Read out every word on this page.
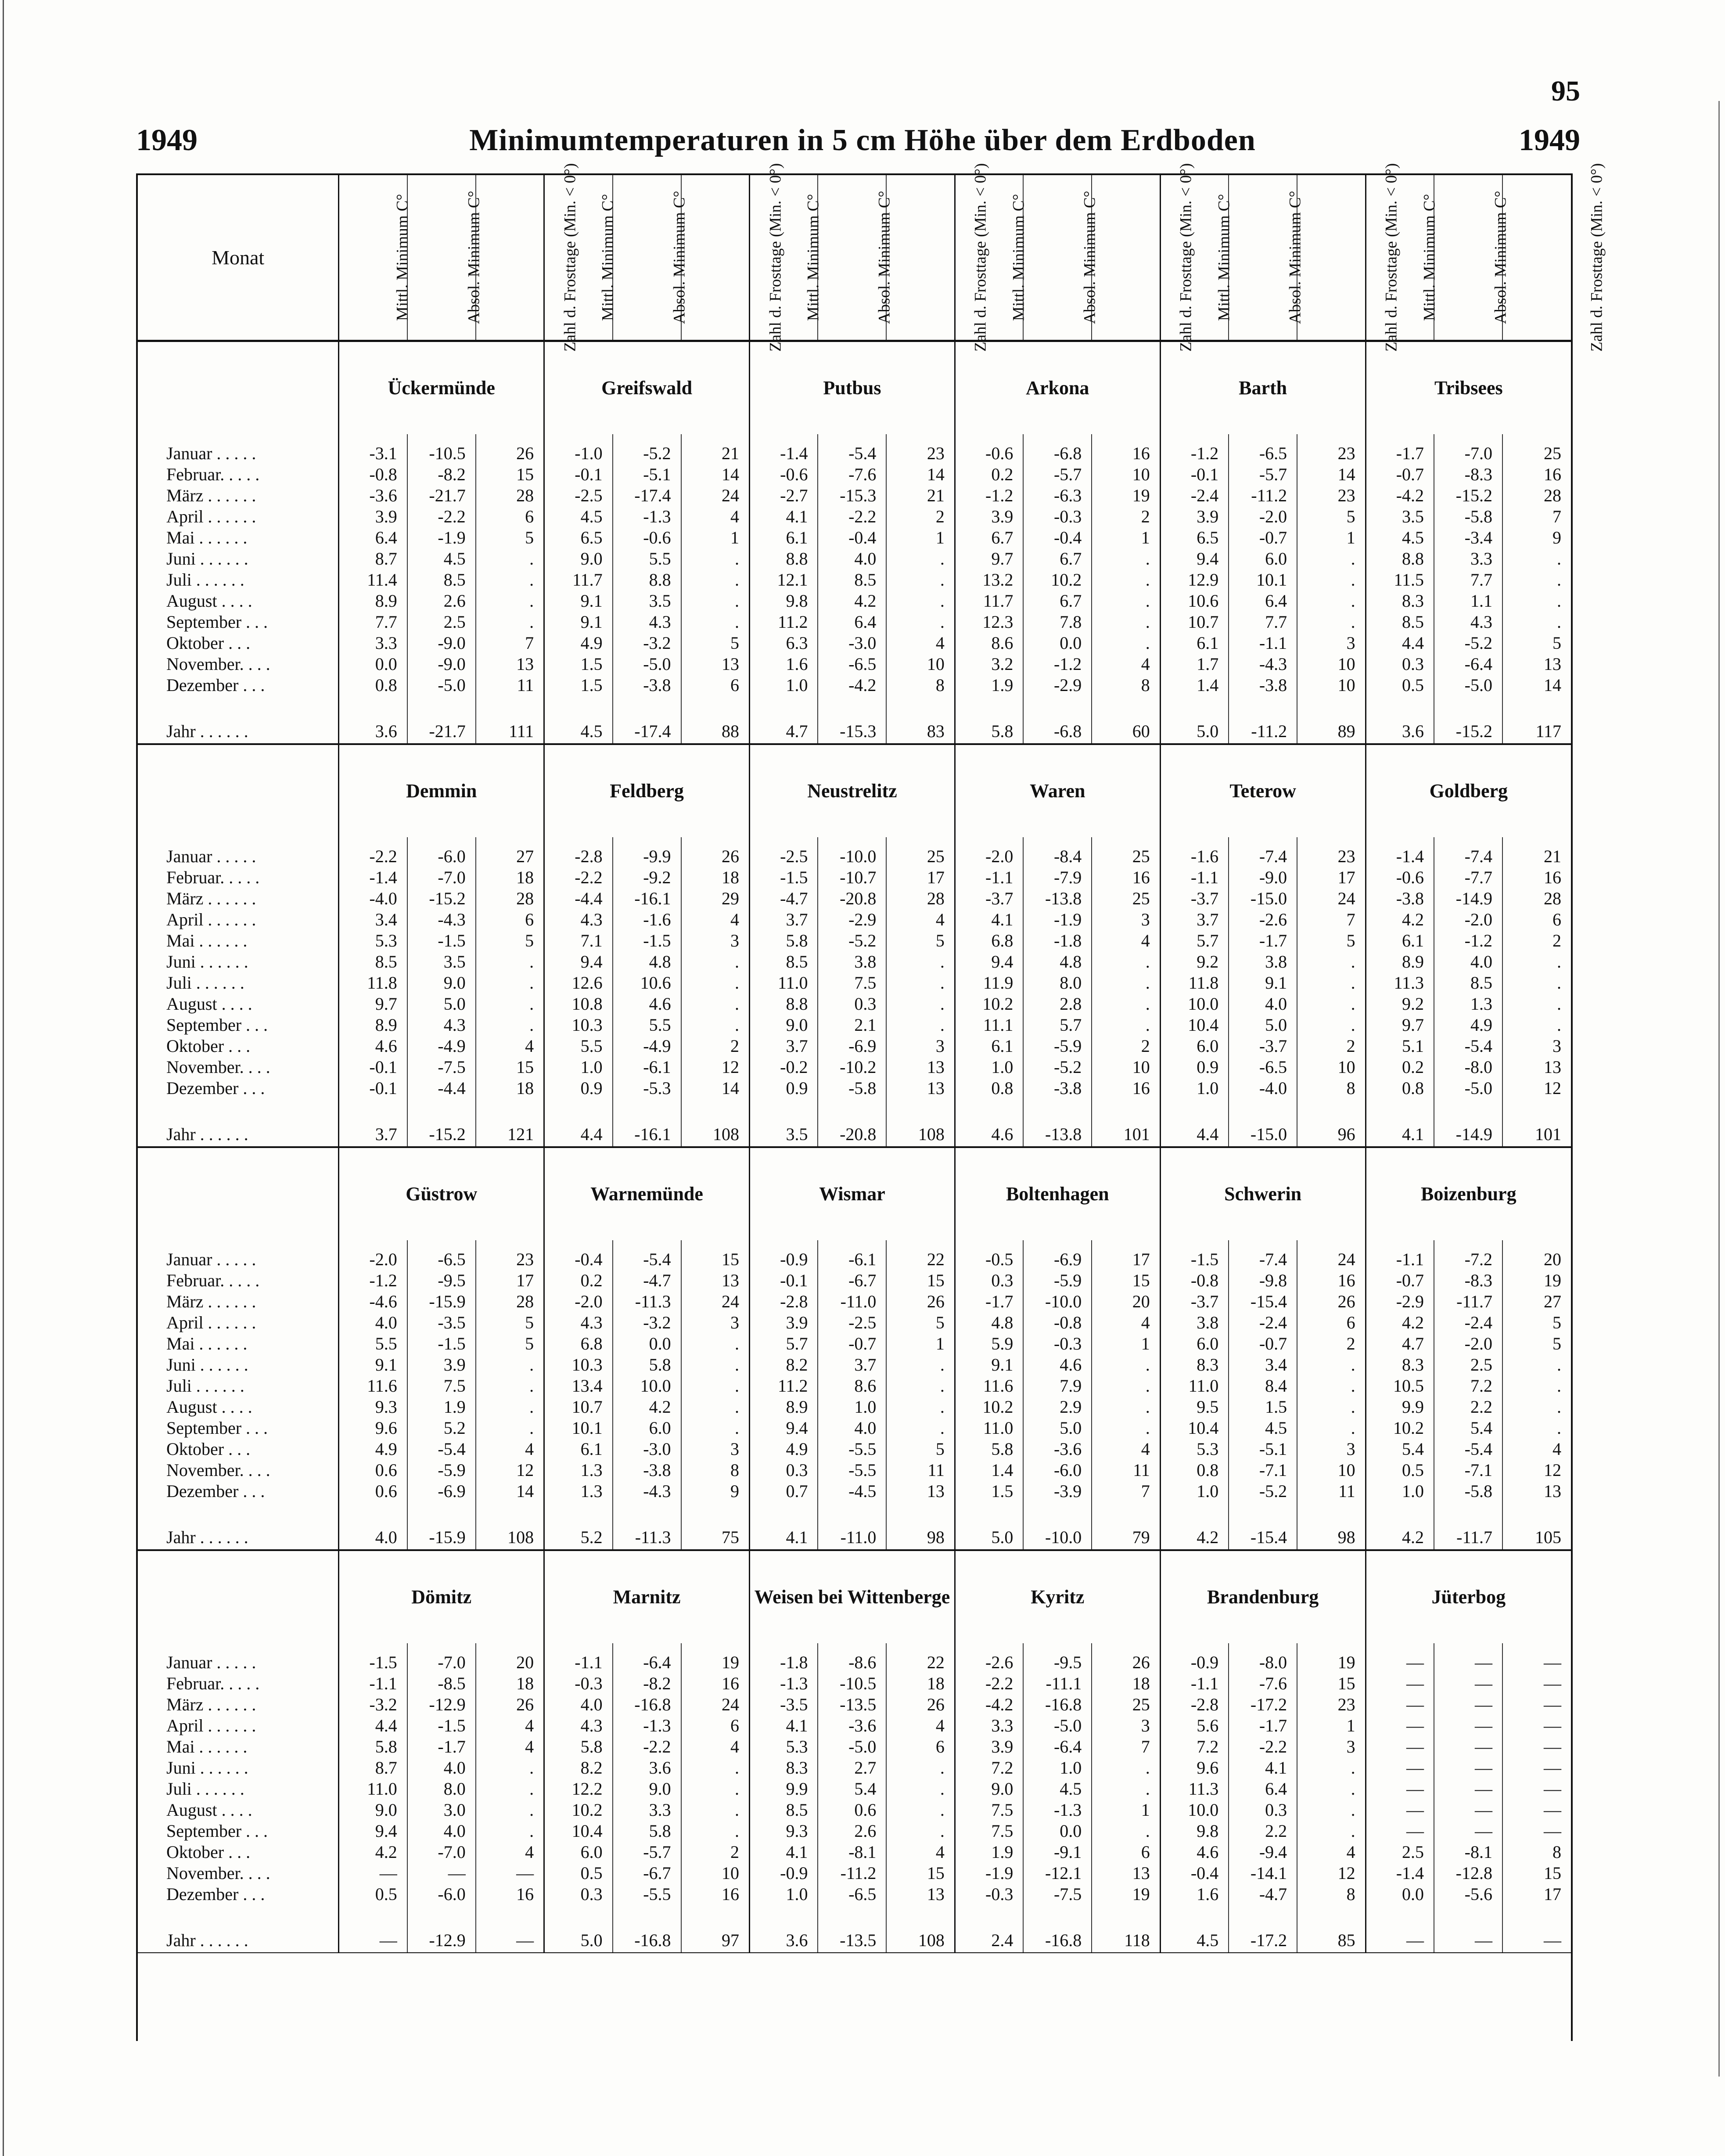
95
1949	Minimumtemperaturen in 5 cm Höhe über dem Erdboden	1949
Monat	Mittl. Minimum C°	Absol. Minimum C°	Zahl d. Frosttage (Min. < 0°)	Mittl. Minimum C°	Absol. Minimum C°	Zahl d. Frosttage (Min. < 0°)	Mittl. Minimum C°	Absol. Minimum C°	Zahl d. Frosttage (Min. < 0°)	Mittl. Minimum C°	Absol. Minimum C°	Zahl d. Frosttage (Min. < 0°)	Mittl. Minimum C°	Absol. Minimum C°	Zahl d. Frosttage (Min. < 0°)	Mittl. Minimum C°	Absol. Minimum C°	Zahl d. Frosttage (Min. < 0°)
	Ückermünde			Greifswald			Putbus			Arkona			Barth			Tribsees		
Januar . . . . .	-3.1	-10.5	26	-1.0	-5.2	21	-1.4	-5.4	23	-0.6	-6.8	16	-1.2	-6.5	23	-1.7	-7.0	25
Februar. . . . .	-0.8	-8.2	15	-0.1	-5.1	14	-0.6	-7.6	14	0.2	-5.7	10	-0.1	-5.7	14	-0.7	-8.3	16
März . . . . . .	-3.6	-21.7	28	-2.5	-17.4	24	-2.7	-15.3	21	-1.2	-6.3	19	-2.4	-11.2	23	-4.2	-15.2	28
April . . . . . .	3.9	-2.2	6	4.5	-1.3	4	4.1	-2.2	2	3.9	-0.3	2	3.9	-2.0	5	3.5	-5.8	7
Mai . . . . . .	6.4	-1.9	5	6.5	-0.6	1	6.1	-0.4	1	6.7	-0.4	1	6.5	-0.7	1	4.5	-3.4	9
Juni . . . . . .	8.7	4.5	.	9.0	5.5	.	8.8	4.0	.	9.7	6.7	.	9.4	6.0	.	8.8	3.3	.
Juli . . . . . .	11.4	8.5	.	11.7	8.8	.	12.1	8.5	.	13.2	10.2	.	12.9	10.1	.	11.5	7.7	.
August . . . .	8.9	2.6	.	9.1	3.5	.	9.8	4.2	.	11.7	6.7	.	10.6	6.4	.	8.3	1.1	.
September . . .	7.7	2.5	.	9.1	4.3	.	11.2	6.4	.	12.3	7.8	.	10.7	7.7	.	8.5	4.3	.
Oktober . . .	3.3	-9.0	7	4.9	-3.2	5	6.3	-3.0	4	8.6	0.0	.	6.1	-1.1	3	4.4	-5.2	5
November. . . .	0.0	-9.0	13	1.5	-5.0	13	1.6	-6.5	10	3.2	-1.2	4	1.7	-4.3	10	0.3	-6.4	13
Dezember . . .	0.8	-5.0	11	1.5	-3.8	6	1.0	-4.2	8	1.9	-2.9	8	1.4	-3.8	10	0.5	-5.0	14

Jahr . . . . . .	3.6	-21.7	111	4.5	-17.4	88	4.7	-15.3	83	5.8	-6.8	60	5.0	-11.2	89	3.6	-15.2	117
	Demmin			Feldberg			Neustrelitz			Waren			Teterow			Goldberg		
Januar . . . . .	-2.2	-6.0	27	-2.8	-9.9	26	-2.5	-10.0	25	-2.0	-8.4	25	-1.6	-7.4	23	-1.4	-7.4	21
Februar. . . . .	-1.4	-7.0	18	-2.2	-9.2	18	-1.5	-10.7	17	-1.1	-7.9	16	-1.1	-9.0	17	-0.6	-7.7	16
März . . . . . .	-4.0	-15.2	28	-4.4	-16.1	29	-4.7	-20.8	28	-3.7	-13.8	25	-3.7	-15.0	24	-3.8	-14.9	28
April . . . . . .	3.4	-4.3	6	4.3	-1.6	4	3.7	-2.9	4	4.1	-1.9	3	3.7	-2.6	7	4.2	-2.0	6
Mai . . . . . .	5.3	-1.5	5	7.1	-1.5	3	5.8	-5.2	5	6.8	-1.8	4	5.7	-1.7	5	6.1	-1.2	2
Juni . . . . . .	8.5	3.5	.	9.4	4.8	.	8.5	3.8	.	9.4	4.8	.	9.2	3.8	.	8.9	4.0	.
Juli . . . . . .	11.8	9.0	.	12.6	10.6	.	11.0	7.5	.	11.9	8.0	.	11.8	9.1	.	11.3	8.5	.
August . . . .	9.7	5.0	.	10.8	4.6	.	8.8	0.3	.	10.2	2.8	.	10.0	4.0	.	9.2	1.3	.
September . . .	8.9	4.3	.	10.3	5.5	.	9.0	2.1	.	11.1	5.7	.	10.4	5.0	.	9.7	4.9	.
Oktober . . .	4.6	-4.9	4	5.5	-4.9	2	3.7	-6.9	3	6.1	-5.9	2	6.0	-3.7	2	5.1	-5.4	3
November. . . .	-0.1	-7.5	15	1.0	-6.1	12	-0.2	-10.2	13	1.0	-5.2	10	0.9	-6.5	10	0.2	-8.0	13
Dezember . . .	-0.1	-4.4	18	0.9	-5.3	14	0.9	-5.8	13	0.8	-3.8	16	1.0	-4.0	8	0.8	-5.0	12

Jahr . . . . . .	3.7	-15.2	121	4.4	-16.1	108	3.5	-20.8	108	4.6	-13.8	101	4.4	-15.0	96	4.1	-14.9	101
	Güstrow			Warnemünde			Wismar			Boltenhagen			Schwerin			Boizenburg		
Januar . . . . .	-2.0	-6.5	23	-0.4	-5.4	15	-0.9	-6.1	22	-0.5	-6.9	17	-1.5	-7.4	24	-1.1	-7.2	20
Februar. . . . .	-1.2	-9.5	17	0.2	-4.7	13	-0.1	-6.7	15	0.3	-5.9	15	-0.8	-9.8	16	-0.7	-8.3	19
März . . . . . .	-4.6	-15.9	28	-2.0	-11.3	24	-2.8	-11.0	26	-1.7	-10.0	20	-3.7	-15.4	26	-2.9	-11.7	27
April . . . . . .	4.0	-3.5	5	4.3	-3.2	3	3.9	-2.5	5	4.8	-0.8	4	3.8	-2.4	6	4.2	-2.4	5
Mai . . . . . .	5.5	-1.5	5	6.8	0.0	.	5.7	-0.7	1	5.9	-0.3	1	6.0	-0.7	2	4.7	-2.0	5
Juni . . . . . .	9.1	3.9	.	10.3	5.8	.	8.2	3.7	.	9.1	4.6	.	8.3	3.4	.	8.3	2.5	.
Juli . . . . . .	11.6	7.5	.	13.4	10.0	.	11.2	8.6	.	11.6	7.9	.	11.0	8.4	.	10.5	7.2	.
August . . . .	9.3	1.9	.	10.7	4.2	.	8.9	1.0	.	10.2	2.9	.	9.5	1.5	.	9.9	2.2	.
September . . .	9.6	5.2	.	10.1	6.0	.	9.4	4.0	.	11.0	5.0	.	10.4	4.5	.	10.2	5.4	.
Oktober . . .	4.9	-5.4	4	6.1	-3.0	3	4.9	-5.5	5	5.8	-3.6	4	5.3	-5.1	3	5.4	-5.4	4
November. . . .	0.6	-5.9	12	1.3	-3.8	8	0.3	-5.5	11	1.4	-6.0	11	0.8	-7.1	10	0.5	-7.1	12
Dezember . . .	0.6	-6.9	14	1.3	-4.3	9	0.7	-4.5	13	1.5	-3.9	7	1.0	-5.2	11	1.0	-5.8	13

Jahr . . . . . .	4.0	-15.9	108	5.2	-11.3	75	4.1	-11.0	98	5.0	-10.0	79	4.2	-15.4	98	4.2	-11.7	105
	Dömitz			Marnitz			Weisen bei Wittenberge			Kyritz			Brandenburg			Jüterbog		
Januar . . . . .	-1.5	-7.0	20	-1.1	-6.4	19	-1.8	-8.6	22	-2.6	-9.5	26	-0.9	-8.0	19	—	—	—
Februar. . . . .	-1.1	-8.5	18	-0.3	-8.2	16	-1.3	-10.5	18	-2.2	-11.1	18	-1.1	-7.6	15	—	—	—
März . . . . . .	-3.2	-12.9	26	4.0	-16.8	24	-3.5	-13.5	26	-4.2	-16.8	25	-2.8	-17.2	23	—	—	—
April . . . . . .	4.4	-1.5	4	4.3	-1.3	6	4.1	-3.6	4	3.3	-5.0	3	5.6	-1.7	1	—	—	—
Mai . . . . . .	5.8	-1.7	4	5.8	-2.2	4	5.3	-5.0	6	3.9	-6.4	7	7.2	-2.2	3	—	—	—
Juni . . . . . .	8.7	4.0	.	8.2	3.6	.	8.3	2.7	.	7.2	1.0	.	9.6	4.1	.	—	—	—
Juli . . . . . .	11.0	8.0	.	12.2	9.0	.	9.9	5.4	.	9.0	4.5	.	11.3	6.4	.	—	—	—
August . . . .	9.0	3.0	.	10.2	3.3	.	8.5	0.6	.	7.5	-1.3	1	10.0	0.3	.	—	—	—
September . . .	9.4	4.0	.	10.4	5.8	.	9.3	2.6	.	7.5	0.0	.	9.8	2.2	.	—	—	—
Oktober . . .	4.2	-7.0	4	6.0	-5.7	2	4.1	-8.1	4	1.9	-9.1	6	4.6	-9.4	4	2.5	-8.1	8
November. . . .	—	—	—	0.5	-6.7	10	-0.9	-11.2	15	-1.9	-12.1	13	-0.4	-14.1	12	-1.4	-12.8	15
Dezember . . .	0.5	-6.0	16	0.3	-5.5	16	1.0	-6.5	13	-0.3	-7.5	19	1.6	-4.7	8	0.0	-5.6	17

Jahr . . . . . .	—	-12.9	—	5.0	-16.8	97	3.6	-13.5	108	2.4	-16.8	118	4.5	-17.2	85	—	—	—
